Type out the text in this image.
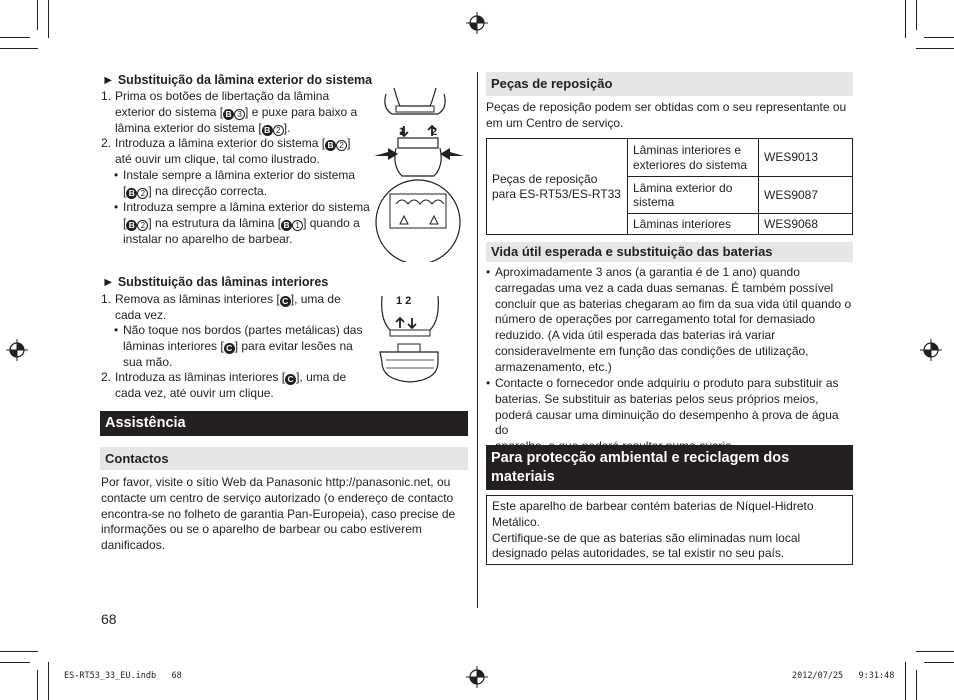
► Substituição da lâmina exterior do sistema
1. Prima os botões de libertação da lâmina
exterior do sistema [ B 3 ] e puxe para baixo a
lâmina exterior do sistema [ B 2 ].
2. Introduza a lâmina exterior do sistema [ B 2 ]
até ouvir um clique, tal como ilustrado.
• Instale sempre a lâmina exterior do sistema
[ B 2 ] na direcção correcta.
• Introduza sempre a lâmina exterior do sistema
[ B 2 ] na estrutura da lâmina [ B 1 ] quando a
instalar no aparelho de barbear.
1 2
► Substituição das lâminas interiores
1. Remova as lâminas interiores [ C ], uma de
cada vez.
• Não toque nos bordos (partes metálicas) das
lâminas interiores [ C ] para evitar lesões na
sua mão.
2. Introduza as lâminas interiores [ C ], uma de
cada vez, até ouvir um clique.
1 2
Assistência
Contactos
Por favor, visite o sítio Web da Panasonic http://panasonic.net, ou
contacte um centro de serviço autorizado (o endereço de contacto
encontra-se no folheto de garantia Pan-Europeia), caso precise de
informações ou se o aparelho de barbear ou cabo estiverem
danificados.
68
Peças de reposição
Peças de reposição podem ser obtidas com o seu representante ou
em um Centro de serviço.
Peças de reposição para ES-RT53/ES-RT33	Lâminas interiores e exteriores do sistema	WES9013
	Lâmina exterior do sistema	WES9087
	Lâminas interiores	WES9068
Vida útil esperada e substituição das baterias
• Aproximadamente 3 anos (a garantia é de 1 ano) quando
carregadas uma vez a cada duas semanas. É também possível
concluir que as baterias chegaram ao fim da sua vida útil quando o
número de operações por carregamento total for demasiado
reduzido. (A vida útil esperada das baterias irá variar
consideravelmente em função das condições de utilização,
armazenamento, etc.)
• Contacte o fornecedor onde adquiriu o produto para substituir as
baterias. Se substituir as baterias pelos seus próprios meios,
poderá causar uma diminuição do desempenho à prova de água do
Para protecção ambiental e reciclagem dos
materiais
Este aparelho de barbear contém baterias de Níquel-Hidreto
Metálico.
Certifique-se de que as baterias são eliminadas num local
designado pelas autoridades, se tal existir no seu país.
ES-RT53_33_EU.indb   68	2012/07/25   9:31:48
